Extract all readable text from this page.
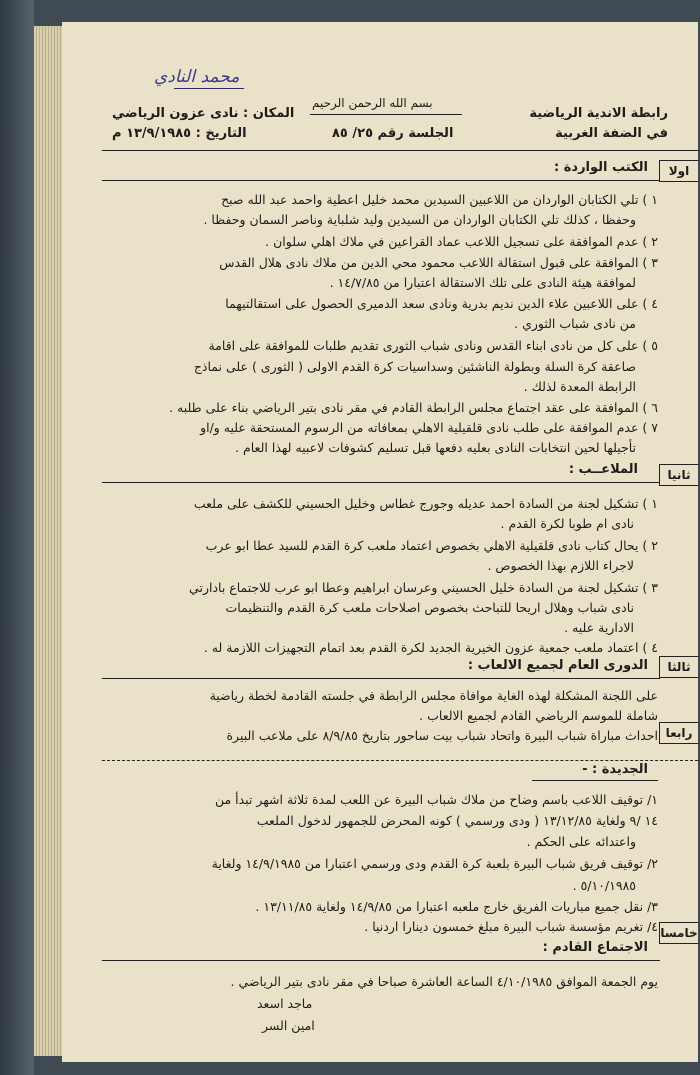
محمد النادي
بسم الله الرحمن الرحيم
رابطة الاندية الرياضية
في الضفة الغربية
المكان : نادى عزون الرياضي
الجلسة رقم ٢٥/ ٨٥
التاريخ : ١٣/٩/١٩٨٥ م
اولا
الكتب الواردة :
١ ) تلي الكتابان الواردان من اللاعبين السيدين محمد خليل اعطية واحمد عبد الله صبح
وحفظا ، كذلك تلي الكتابان الواردان من السيدين وليد شلباية وناصر السمان وحفظا .
٢ ) عدم الموافقة على تسجيل اللاعب عماد القراعين في ملاك اهلي سلوان .
٣ ) الموافقة على قبول استقالة اللاعب محمود محي الدين من ملاك نادى هلال القدس
لموافقة هيئة النادى على تلك الاستقالة اعتبارا من ١٤/٧/٨٥ .
٤ ) على اللاعبين علاء الدين نديم بدرية ونادى سعد الدميرى الحصول على استقالتيهما
من نادى شباب الثوري .
٥ ) على كل من نادى ابناء القدس ونادى شباب الثورى تقديم طلبات للموافقة على اقامة
صاعقة كرة السلة وبطولة الناشئين وسداسيات كرة القدم الاولى ( الثورى ) على نماذج
الرابطة المعدة لذلك .
٦ ) الموافقة على عقد اجتماع مجلس الرابطة القادم في مقر نادى بتير الرياضي بناء على طلبه .
٧ ) عدم الموافقة على طلب نادى قلقيلية الاهلي بمعافاته من الرسوم المستحقة عليه و/او
تأجيلها لحين انتخابات النادى بعليه دفعها قبل تسليم كشوفات لاعبيه لهذا العام .
ثانيا
الملاعــب :
١ ) تشكيل لجنة من السادة احمد عديله وجورج غطاس وخليل الحسيني للكشف على ملعب
نادى ام طوبا لكرة القدم .
٢ ) يحال كتاب نادى قلقيلية الاهلي بخصوص اعتماد ملعب كرة القدم للسيد عطا ابو عرب
لاجراء اللازم بهذا الخصوص .
٣ ) تشكيل لجنة من السادة خليل الحسيني وعرسان ابراهيم وعطا ابو عرب للاجتماع بادارتي
نادى شباب وهلال اريحا للتباحث بخصوص اصلاحات ملعب كرة القدم والتنظيمات
الادارية عليه .
٤ ) اعتماد ملعب جمعية عزون الخيرية الجديد لكرة القدم بعد اتمام التجهيزات اللازمة له .
ثالثا
الدورى العام لجميع الالعاب :
على اللجنة المشكلة لهذه الغاية موافاة مجلس الرابطة في جلسته القادمة لخطة رياضية
شاملة للموسم الرياضي القادم لجميع الالعاب .
رابعا
احداث مباراة شباب البيرة واتحاد شباب بيت ساحور بتاريخ ٨/٩/٨٥ على ملاعب البيرة
الجديدة : -
١/ توقيف اللاعب باسم وضاح من ملاك شباب البيرة عن اللعب لمدة ثلاثة اشهر تبدأ من
١٤ /٩ ولغاية ١٣/١٢/٨٥ ( ودى ورسمي ) كونه المحرض للجمهور لدخول الملعب
واعتدائه على الحكم .
٢/ توقيف فريق شباب البيرة بلعبة كرة القدم ودى ورسمي اعتبارا من ١٤/٩/١٩٨٥ ولغاية
٥/١٠/١٩٨٥ .
٣/ نقل جميع مباريات الفريق خارج ملعبه اعتبارا من ١٤/٩/٨٥ ولغاية ١٣/١١/٨٥ .
٤/ تغريم مؤسسة شباب البيرة مبلغ خمسون دينارا اردنيا . خامسا
الاجتماع القادم :
يوم الجمعة الموافق ٤/١٠/١٩٨٥ الساعة العاشرة صباحا في مقر نادى بتير الرياضي .
ماجد اسعد
امين السر
